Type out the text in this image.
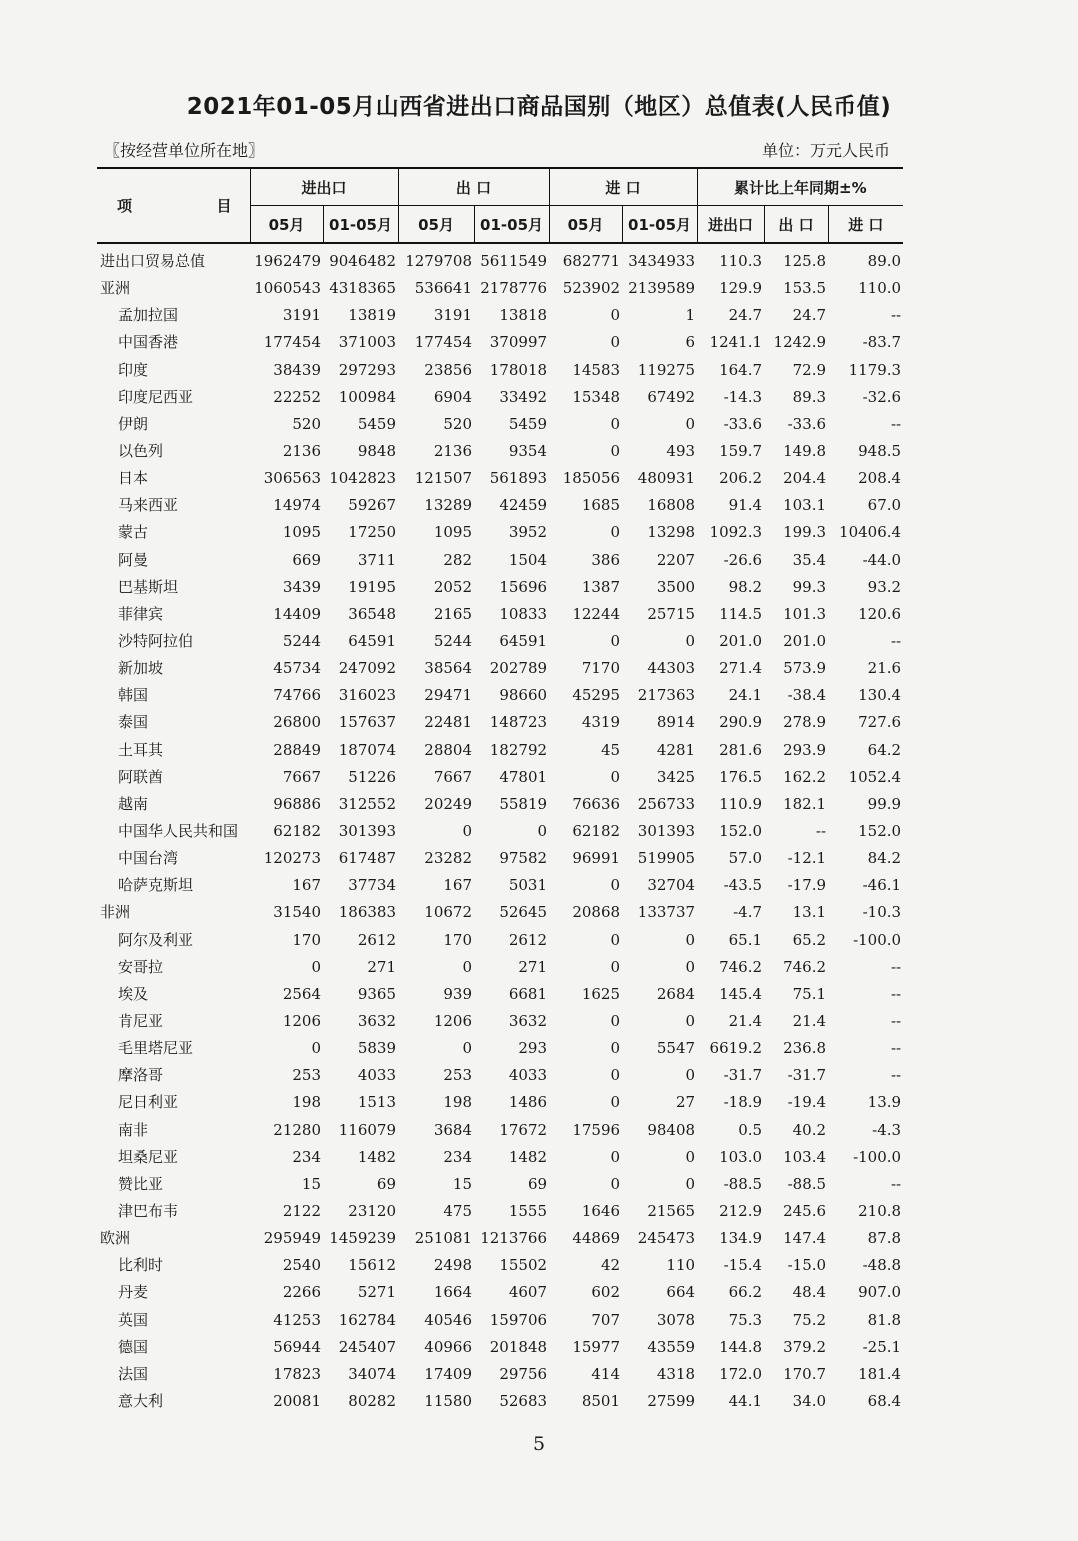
2021年01-05月山西省进出口商品国别（地区）总值表(人民币值)
〖按经营单位所在地〗	单位：万元人民币
项 目	进出口		出 口		进 口		累计比上年同期±%		
	05月	01-05月	05月	01-05月	05月	01-05月	进出口	出 口	进 口
进出口贸易总值	1962479	9046482	1279708	5611549	682771	3434933	110.3	125.8	89.0
亚洲	1060543	4318365	536641	2178776	523902	2139589	129.9	153.5	110.0
孟加拉国	3191	13819	3191	13818	0	1	24.7	24.7	--
中国香港	177454	371003	177454	370997	0	6	1241.1	1242.9	-83.7
印度	38439	297293	23856	178018	14583	119275	164.7	72.9	1179.3
印度尼西亚	22252	100984	6904	33492	15348	67492	-14.3	89.3	-32.6
伊朗	520	5459	520	5459	0	0	-33.6	-33.6	--
以色列	2136	9848	2136	9354	0	493	159.7	149.8	948.5
日本	306563	1042823	121507	561893	185056	480931	206.2	204.4	208.4
马来西亚	14974	59267	13289	42459	1685	16808	91.4	103.1	67.0
蒙古	1095	17250	1095	3952	0	13298	1092.3	199.3	10406.4
阿曼	669	3711	282	1504	386	2207	-26.6	35.4	-44.0
巴基斯坦	3439	19195	2052	15696	1387	3500	98.2	99.3	93.2
菲律宾	14409	36548	2165	10833	12244	25715	114.5	101.3	120.6
沙特阿拉伯	5244	64591	5244	64591	0	0	201.0	201.0	--
新加坡	45734	247092	38564	202789	7170	44303	271.4	573.9	21.6
韩国	74766	316023	29471	98660	45295	217363	24.1	-38.4	130.4
泰国	26800	157637	22481	148723	4319	8914	290.9	278.9	727.6
土耳其	28849	187074	28804	182792	45	4281	281.6	293.9	64.2
阿联酋	7667	51226	7667	47801	0	3425	176.5	162.2	1052.4
越南	96886	312552	20249	55819	76636	256733	110.9	182.1	99.9
中国华人民共和国	62182	301393	0	0	62182	301393	152.0	--	152.0
中国台湾	120273	617487	23282	97582	96991	519905	57.0	-12.1	84.2
哈萨克斯坦	167	37734	167	5031	0	32704	-43.5	-17.9	-46.1
非洲	31540	186383	10672	52645	20868	133737	-4.7	13.1	-10.3
阿尔及利亚	170	2612	170	2612	0	0	65.1	65.2	-100.0
安哥拉	0	271	0	271	0	0	746.2	746.2	--
埃及	2564	9365	939	6681	1625	2684	145.4	75.1	--
肯尼亚	1206	3632	1206	3632	0	0	21.4	21.4	--
毛里塔尼亚	0	5839	0	293	0	5547	6619.2	236.8	--
摩洛哥	253	4033	253	4033	0	0	-31.7	-31.7	--
尼日利亚	198	1513	198	1486	0	27	-18.9	-19.4	13.9
南非	21280	116079	3684	17672	17596	98408	0.5	40.2	-4.3
坦桑尼亚	234	1482	234	1482	0	0	103.0	103.4	-100.0
赞比亚	15	69	15	69	0	0	-88.5	-88.5	--
津巴布韦	2122	23120	475	1555	1646	21565	212.9	245.6	210.8
欧洲	295949	1459239	251081	1213766	44869	245473	134.9	147.4	87.8
比利时	2540	15612	2498	15502	42	110	-15.4	-15.0	-48.8
丹麦	2266	5271	1664	4607	602	664	66.2	48.4	907.0
英国	41253	162784	40546	159706	707	3078	75.3	75.2	81.8
德国	56944	245407	40966	201848	15977	43559	144.8	379.2	-25.1
法国	17823	34074	17409	29756	414	4318	172.0	170.7	181.4
意大利	20081	80282	11580	52683	8501	27599	44.1	34.0	68.4
5
